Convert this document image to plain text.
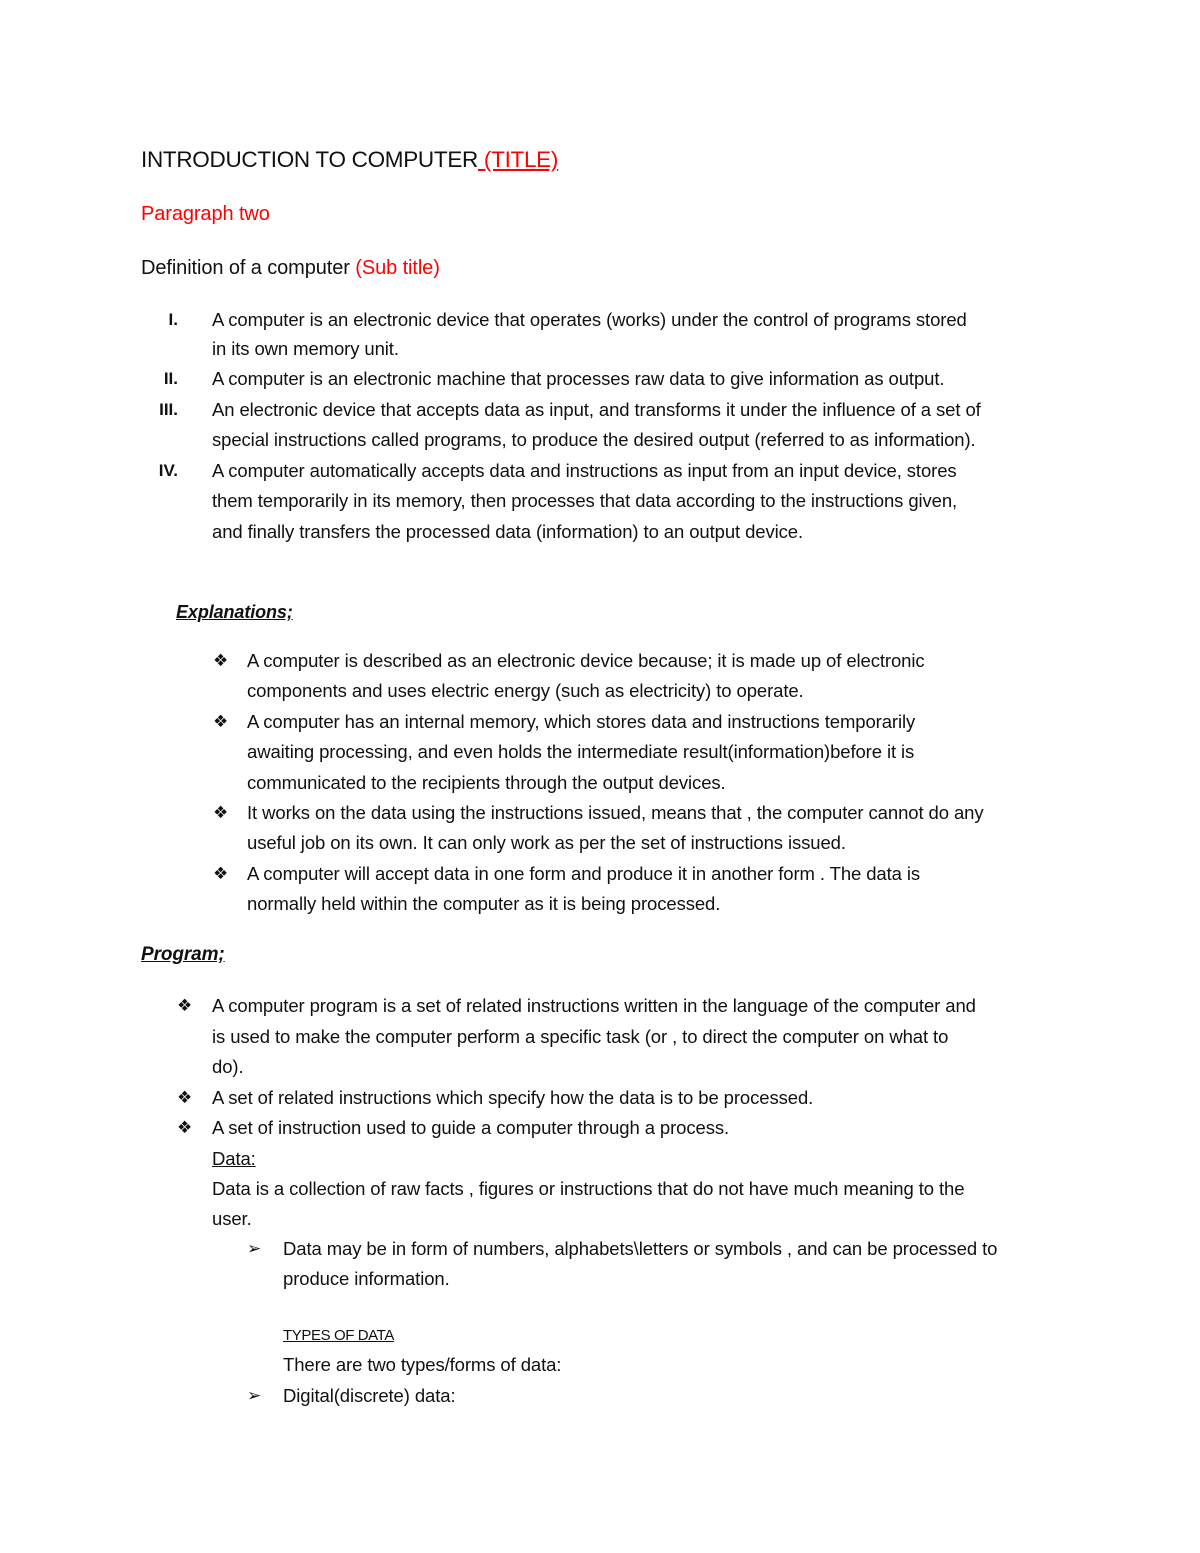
INTRODUCTION TO COMPUTER (TITLE)
Paragraph two
Definition of a computer (Sub title)
I. A computer is an electronic device that operates (works) under the control of programs stored
in its own memory unit.
II. A computer is an electronic machine that processes raw data to give information as output.
III. An electronic device that accepts data as input, and transforms it under the influence of a set of
special instructions called programs, to produce the desired output (referred to as information).
IV. A computer automatically accepts data and instructions as input from an input device, stores
them temporarily in its memory, then processes that data according to the instructions given,
and finally transfers the processed data (information) to an output device.
Explanations;
❖ A computer is described as an electronic device because; it is made up of electronic
components and uses electric energy (such as electricity) to operate.
❖ A computer has an internal memory, which stores data and instructions temporarily
awaiting processing, and even holds the intermediate result(information)before it is
communicated to the recipients through the output devices.
❖ It works on the data using the instructions issued, means that , the computer cannot do any
useful job on its own. It can only work as per the set of instructions issued.
❖ A computer will accept data in one form and produce it in another form . The data is
normally held within the computer as it is being processed.
Program;
❖ A computer program is a set of related instructions written in the language of the computer and
is used to make the computer perform a specific task (or , to direct the computer on what to
do).
❖ A set of related instructions which specify how the data is to be processed.
❖ A set of instruction used to guide a computer through a process.
Data:
Data is a collection of raw facts , figures or instructions that do not have much meaning to the
user.
➢ Data may be in form of numbers, alphabets\letters or symbols , and can be processed to
produce information.
TYPES OF DATA
There are two types/forms of data:
➢ Digital(discrete) data:
